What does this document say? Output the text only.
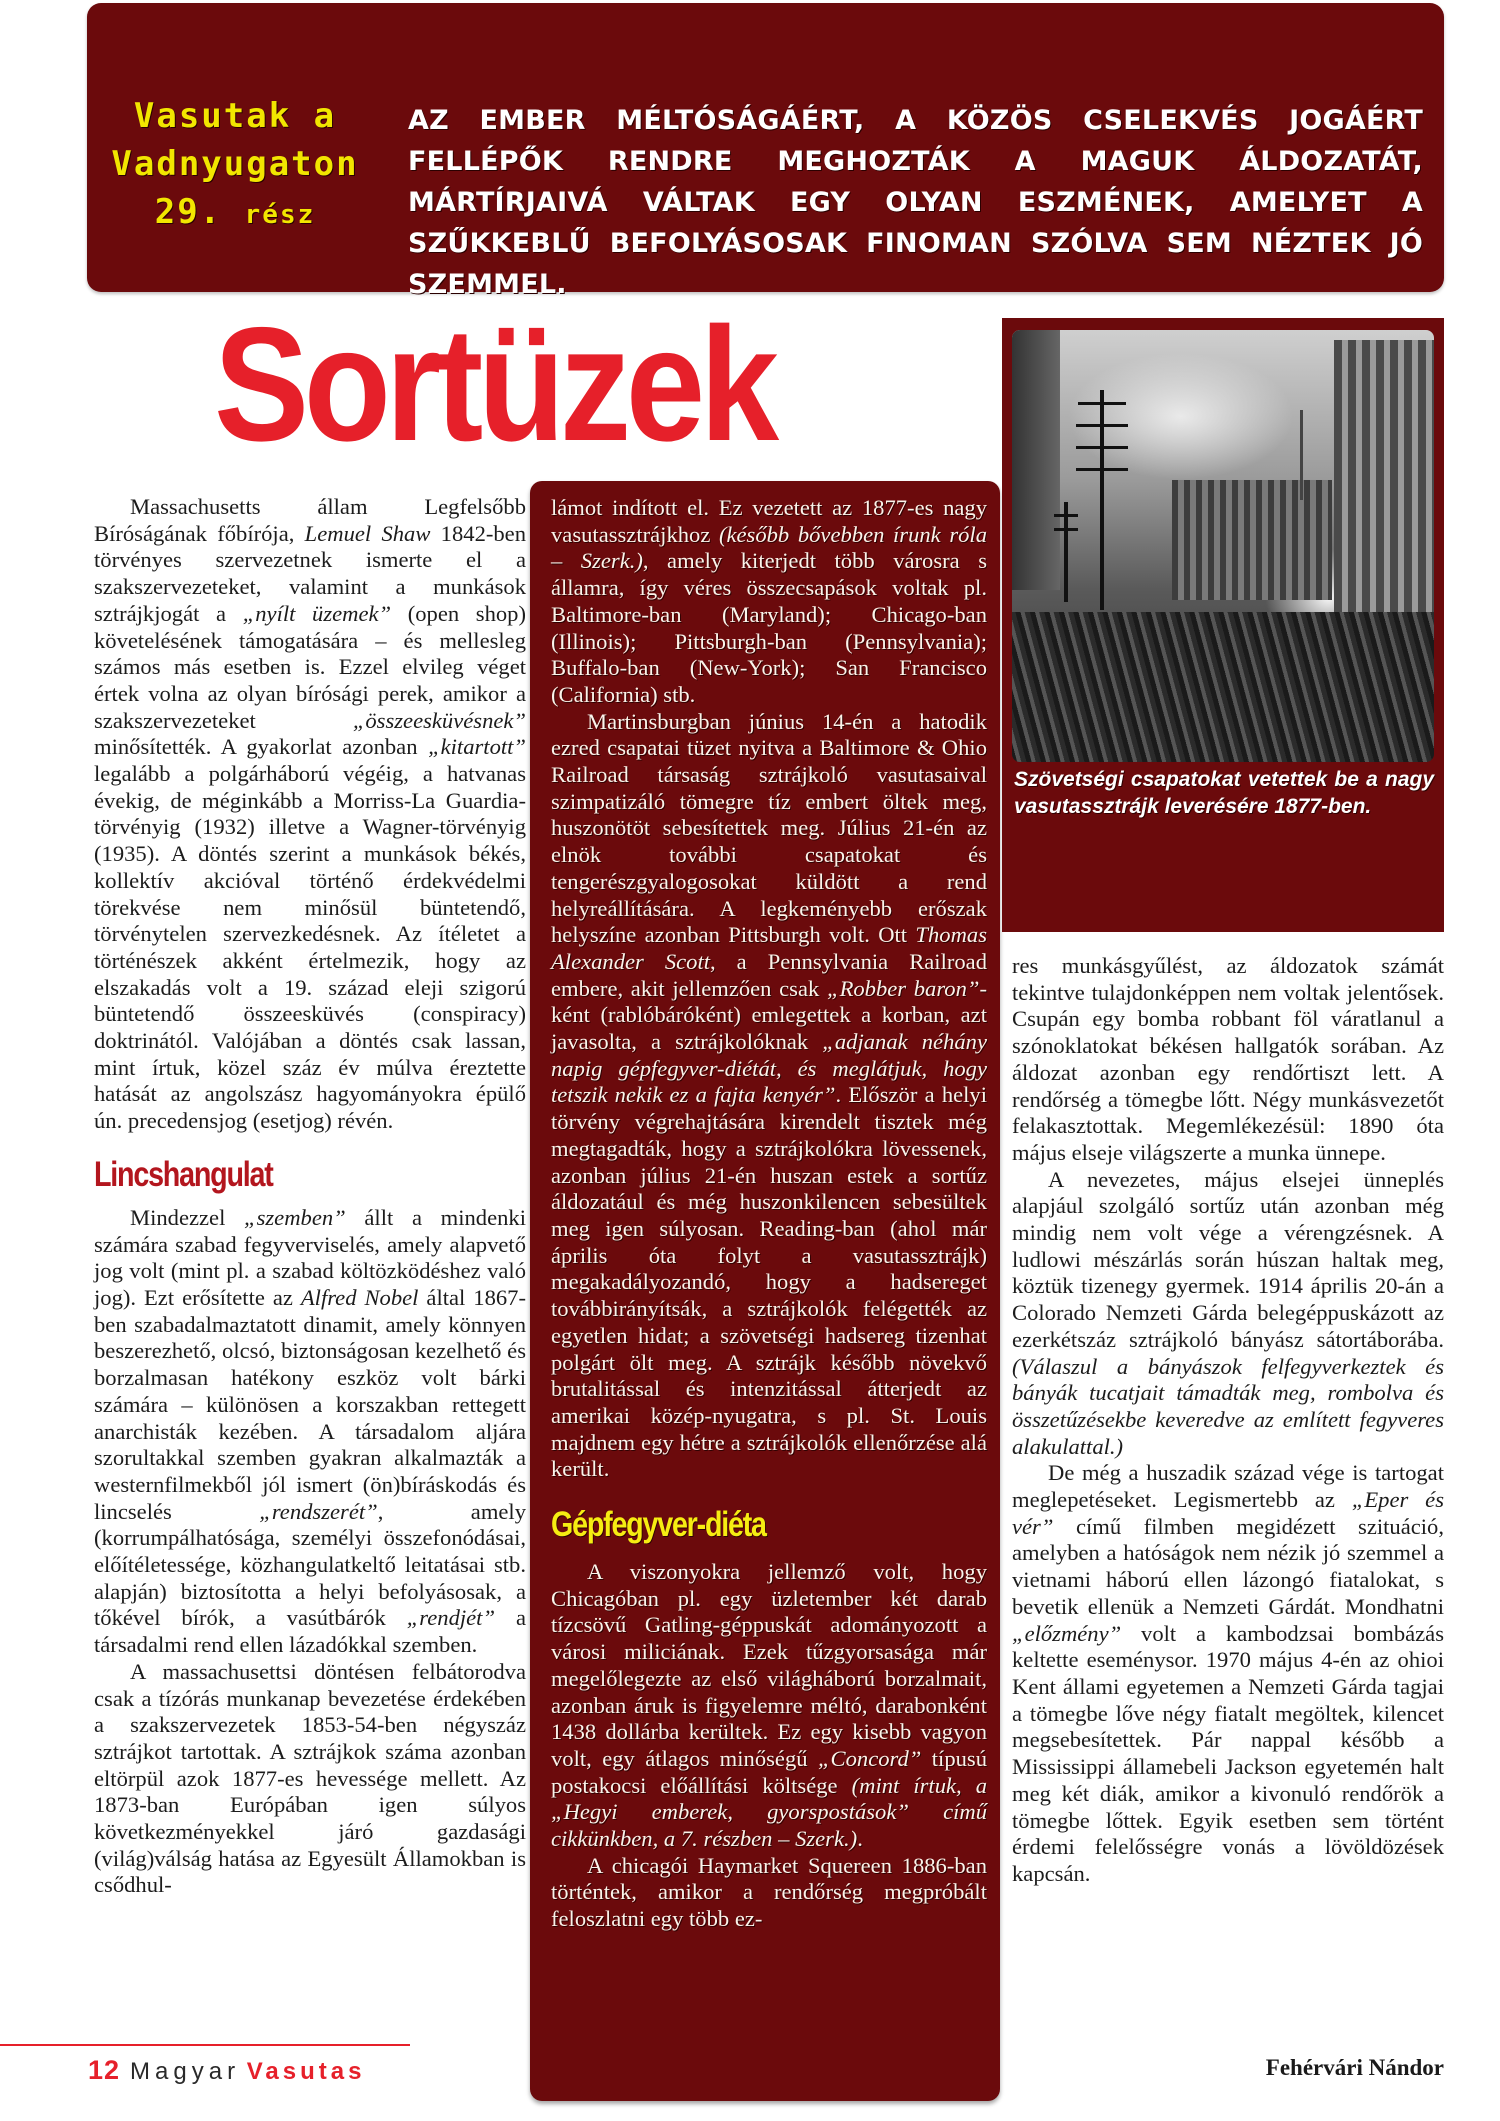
Vasutak a
Vadnyugaton
29. rész
AZ EMBER MÉLTÓSÁGÁÉRT, A KÖZÖS CSELEKVÉS JOGÁÉRT FELLÉPŐK RENDRE MEGHOZTÁK A MAGUK ÁLDOZATÁT, MÁRTÍRJAIVÁ VÁLTAK EGY OLYAN ESZMÉNEK, AMELYET A SZŰKKEBLŰ BEFOLYÁSOSAK FINOMAN SZÓLVA SEM NÉZTEK JÓ SZEMMEL.
Sortüzek

Massachusetts állam Legfelsőbb Bíróságának főbírója, Lemuel Shaw 1842-ben törvényes szervezetnek ismerte el a szakszervezeteket, valamint a munkások sztrájkjogát a „nyílt üzemek” (open shop) követelésének támogatására – és mellesleg számos más esetben is. Ezzel elvileg véget értek volna az olyan bírósági perek, amikor a szakszervezeteket „összeesküvésnek” minősítették. A gyakorlat azonban „kitartott” legalább a polgárháború végéig, a hatvanas évekig, de méginkább a Morriss-La Guardia-törvényig (1932) illetve a Wagner-törvényig (1935). A döntés szerint a munkások békés, kollektív akcióval történő érdekvédelmi törekvése nem minősül büntetendő, törvénytelen szervezkedésnek. Az ítéletet a történészek akként értelmezik, hogy az elszakadás volt a 19. század eleji szigorú büntetendő összeesküvés (conspiracy) doktrinától. Valójában a döntés csak lassan, mint írtuk, közel száz év múlva éreztette hatását az angolszász hagyományokra épülő ún. precedensjog (esetjog) révén.

Lincshangulat

Mindezzel „szemben” állt a mindenki számára szabad fegyverviselés, amely alapvető jog volt (mint pl. a szabad költözködéshez való jog). Ezt erősítette az Alfred Nobel által 1867-ben szabadalmaztatott dinamit, amely könnyen beszerezhető, olcsó, biztonságosan kezelhető és borzalmasan hatékony eszköz volt bárki számára – különösen a korszakban rettegett anarchisták kezében. A társadalom aljára szorultakkal szemben gyakran alkalmazták a westernfilmekből jól ismert (ön)bíráskodás és lincselés „rendszerét”, amely (korrumpálhatósága, személyi összefonódásai, előítéletessége, közhangulatkeltő leitatásai stb. alapján) biztosította a helyi befolyásosak, a tőkével bírók, a vasútbárók „rendjét” a társadalmi rend ellen lázadókkal szemben.

A massachusettsi döntésen felbátorodva csak a tízórás munkanap bevezetése érdekében a szakszervezetek 1853-54-ben négyszáz sztrájkot tartottak. A sztrájkok száma azonban eltörpül azok 1877-es hevessége mellett. Az 1873-ban Európában igen súlyos következményekkel járó gazdasági (világ)válság hatása az Egyesült Államokban is csődhul-

lámot indított el. Ez vezetett az 1877-es nagy vasutassztrájkhoz (később bővebben írunk róla – Szerk.), amely kiterjedt több városra s államra, így véres összecsapások voltak pl. Baltimore-ban (Maryland); Chicago-ban (Illinois); Pittsburgh-ban (Pennsylvania); Buffalo-ban (New-York); San Francisco (California) stb.

Martinsburgban június 14-én a hatodik ezred csapatai tüzet nyitva a Baltimore & Ohio Railroad társaság sztrájkoló vasutasaival szimpatizáló tömegre tíz embert öltek meg, huszonötöt sebesítettek meg. Július 21-én az elnök további csapatokat és tengerészgyalogosokat küldött a rend helyreállítására. A legkeményebb erőszak helyszíne azonban Pittsburgh volt. Ott Thomas Alexander Scott, a Pennsylvania Railroad embere, akit jellemzően csak „Robber baron”-ként (rablóbáróként) emlegettek a korban, azt javasolta, a sztrájkolóknak „adjanak néhány napig gépfegyver-diétát, és meglátjuk, hogy tetszik nekik ez a fajta kenyér”. Először a helyi törvény végrehajtására kirendelt tisztek még megtagadták, hogy a sztrájkolókra lövessenek, azonban július 21-én huszan estek a sortűz áldozatául és még huszonkilencen sebesültek meg igen súlyosan. Reading-ban (ahol már április óta folyt a vasutassztrájk) megakadályozandó, hogy a hadsereget továbbirányítsák, a sztrájkolók felégették az egyetlen hidat; a szövetségi hadsereg tizenhat polgárt ölt meg. A sztrájk később növekvő brutalitással és intenzitással átterjedt az amerikai közép-nyugatra, s pl. St. Louis majdnem egy hétre a sztrájkolók ellenőrzése alá került.

Gépfegyver-diéta

A viszonyokra jellemző volt, hogy Chicagóban pl. egy üzletember két darab tízcsövű Gatling-géppuskát adományozott a városi miliciának. Ezek tűzgyorsasága már megelőlegezte az első világháború borzalmait, azonban áruk is figyelemre méltó, darabonként 1438 dollárba kerültek. Ez egy kisebb vagyon volt, egy átlagos minőségű „Concord” típusú postakocsi előállítási költsége (mint írtuk, a „Hegyi emberek, gyorspostások” című cikkünkben, a 7. részben – Szerk.).

A chicagói Haymarket Squereen 1886-ban történtek, amikor a rendőrség megpróbált feloszlatni egy több ez-

Szövetségi csapatokat vetettek be a nagy vasutassztrájk leverésére 1877-ben.

res munkásgyűlést, az áldozatok számát tekintve tulajdonképpen nem voltak jelentősek. Csupán egy bomba robbant föl váratlanul a szónoklatokat békésen hallgatók sorában. Az áldozat azonban egy rendőrtiszt lett. A rendőrség a tömegbe lőtt. Négy munkásvezetőt felakasztottak. Megemlékezésül: 1890 óta május elseje világszerte a munka ünnepe.

A nevezetes, május elsejei ünneplés alapjául szolgáló sortűz után azonban még mindig nem volt vége a vérengzésnek. A ludlowi mészárlás során húszan haltak meg, köztük tizenegy gyermek. 1914 április 20-án a Colorado Nemzeti Gárda belegéppuskázott az ezerkétszáz sztrájkoló bányász sátortáborába. (Válaszul a bányászok felfegyverkeztek és bányák tucatjait támadták meg, rombolva és összetűzésekbe keveredve az említett fegyveres alakulattal.)

De még a huszadik század vége is tartogat meglepetéseket. Legismertebb az „Eper és vér” című filmben megidézett szituáció, amelyben a hatóságok nem nézik jó szemmel a vietnami háború ellen lázongó fiatalokat, s bevetik ellenük a Nemzeti Gárdát. Mondhatni „előzmény” volt a kambodzsai bombázás keltette eseménysor. 1970 május 4-én az ohioi Kent állami egyetemen a Nemzeti Gárda tagjai a tömegbe lőve négy fiatalt megöltek, kilencet megsebesítettek. Pár nappal később a Mississippi államebeli Jackson egyetemén halt meg két diák, amikor a kivonuló rendőrök a tömegbe lőttek. Egyik esetben sem történt érdemi felelősségre vonás a lövöldözések kapcsán.

12 Magyar Vasutas	Fehérvári Nándor
